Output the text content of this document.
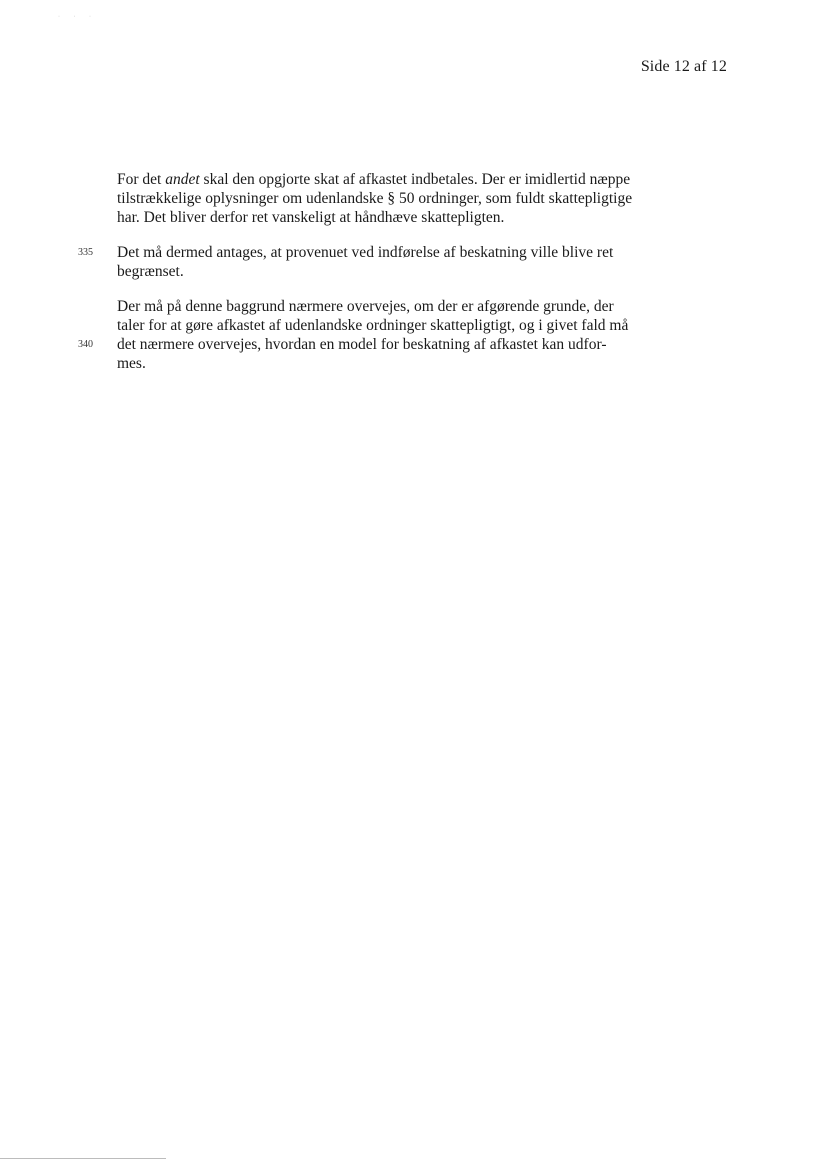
· · ·
Side 12 af 12
For det andet skal den opgjorte skat af afkastet indbetales. Der er imidlertid næppe
tilstrækkelige oplysninger om udenlandske § 50 ordninger, som fuldt skattepligtige
har. Det bliver derfor ret vanskeligt at håndhæve skattepligten.
335 Det må dermed antages, at provenuet ved indførelse af beskatning ville blive ret
begrænset.
Der må på denne baggrund nærmere overvejes, om der er afgørende grunde, der
taler for at gøre afkastet af udenlandske ordninger skattepligtigt, og i givet fald må
340 det nærmere overvejes, hvordan en model for beskatning af afkastet kan udfor-
mes.
